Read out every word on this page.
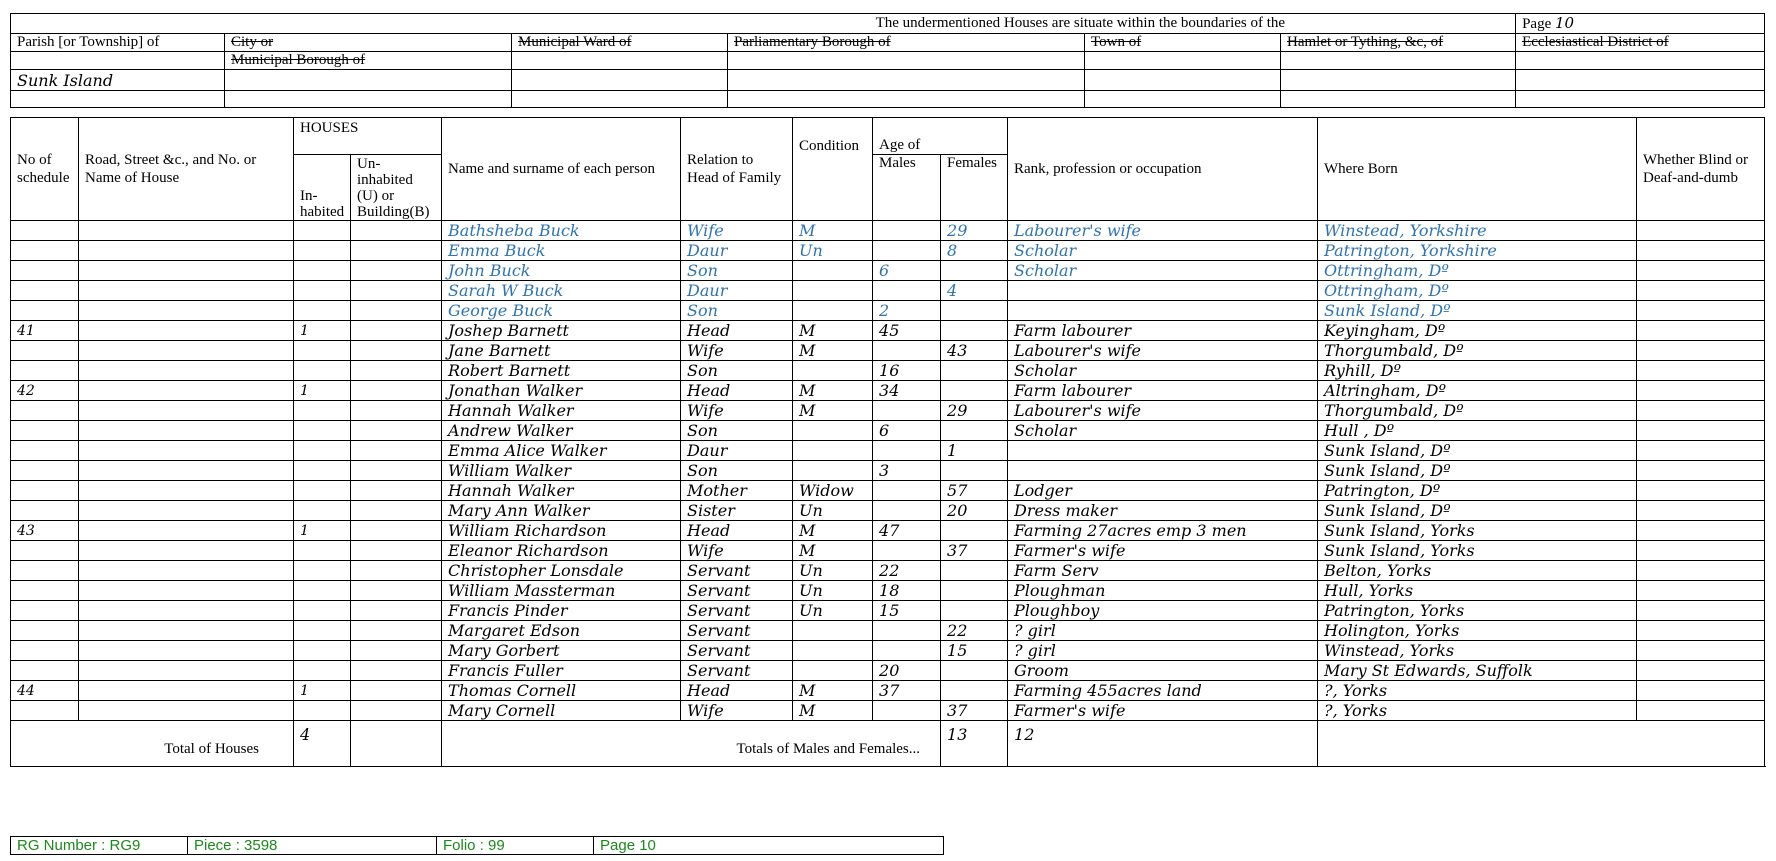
The undermentioned Houses are situate within the boundaries of the						Page 10
Parish [or Township] of	City or	Municipal Ward of	Parliamentary Borough of	Town of	Hamlet or Tything, &c, of	Ecclesiastical District of
	Municipal Borough of					
Sunk Island						

No of schedule	Road, Street &c., and No. or Name of House	HOUSES		Name and surname of each person	Relation to Head of Family	Condition	Age of		Rank, profession or occupation	Where Born	Whether Blind or Deaf-and-dumb
		In-habited	Un-inhabited (U) or Building(B)				Males	Females			
				Bathsheba Buck	Wife	M		29	Labourer's wife	Winstead, Yorkshire	
				Emma Buck	Daur	Un		8	Scholar	Patrington, Yorkshire	
				John Buck	Son		6		Scholar	Ottringham, Dº	
				Sarah W Buck	Daur			4		Ottringham, Dº	
				George Buck	Son		2			Sunk Island, Dº	
41		1		Joshep Barnett	Head	M	45		Farm labourer	Keyingham, Dº	
				Jane Barnett	Wife	M		43	Labourer's wife	Thorgumbald, Dº	
				Robert Barnett	Son		16		Scholar	Ryhill, Dº	
42		1		Jonathan Walker	Head	M	34		Farm labourer	Altringham, Dº	
				Hannah Walker	Wife	M		29	Labourer's wife	Thorgumbald, Dº	
				Andrew Walker	Son		6		Scholar	Hull , Dº	
				Emma Alice Walker	Daur			1		Sunk Island, Dº	
				William Walker	Son		3			Sunk Island, Dº	
				Hannah Walker	Mother	Widow		57	Lodger	Patrington, Dº	
				Mary Ann Walker	Sister	Un		20	Dress maker	Sunk Island, Dº	
43		1		William Richardson	Head	M	47		Farming 27acres emp 3 men	Sunk Island, Yorks	
				Eleanor Richardson	Wife	M		37	Farmer's wife	Sunk Island, Yorks	
				Christopher Lonsdale	Servant	Un	22		Farm Serv	Belton, Yorks	
				William Massterman	Servant	Un	18		Ploughman	Hull, Yorks	
				Francis Pinder	Servant	Un	15		Ploughboy	Patrington, Yorks	
				Margaret Edson	Servant			22	? girl	Holington, Yorks	
				Mary Gorbert	Servant			15	? girl	Winstead, Yorks	
				Francis Fuller	Servant		20		Groom	Mary St Edwards, Suffolk	
44		1		Thomas Cornell	Head	M	37		Farming 455acres land	?, Yorks	
				Mary Cornell	Wife	M		37	Farmer's wife	?, Yorks	
Total of Houses		4		Totals of Males and Females...				13	12		
RG Number : RG9	Piece : 3598	Folio : 99	Page 10
